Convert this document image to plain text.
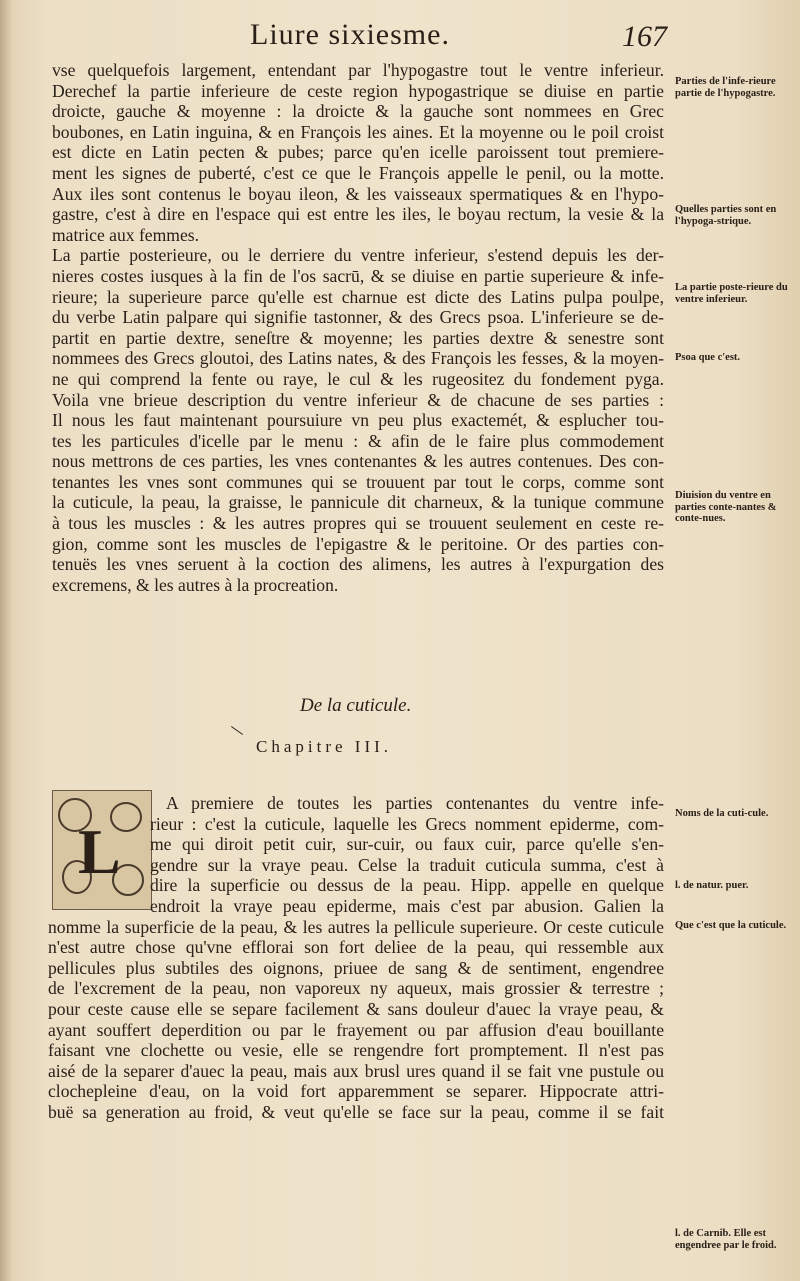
Liure sixiesme.	167
vse quelquefois largement, entendant par l'hypogastre tout le ventre inferieur.
Derechef la partie inferieure de ceste region hypogastrique se diuise en partie
droicte, gauche & moyenne : la droicte & la gauche sont nommees en Grec
boubones, en Latin inguina, & en François les aines. Et la moyenne ou le poil croist
est dicte en Latin pecten & pubes; parce qu'en icelle paroissent tout premiere-
ment les signes de puberté, c'est ce que le François appelle le penil, ou la motte.
Aux iles sont contenus le boyau ileon, & les vaisseaux spermatiques & en l'hypo-
gastre, c'est à dire en l'espace qui est entre les iles, le boyau rectum, la vesie & la
matrice aux femmes.
La partie posterieure, ou le derriere du ventre inferieur, s'estend depuis les der-
nieres costes iusques à la fin de l'os sacrū, & se diuise en partie superieure & infe-
rieure; la superieure parce qu'elle est charnue est dicte des Latins pulpa poulpe,
du verbe Latin palpare qui signifie tastonner, & des Grecs psoa. L'inferieure se de-
partit en partie dextre, seneſtre & moyenne; les parties dextre & senestre sont
nommees des Grecs gloutoi, des Latins nates, & des François les fesses, & la moyen-
ne qui comprend la fente ou raye, le cul & les rugeositez du fondement pyga.
Voila vne brieue description du ventre inferieur & de chacune de ses parties :
Il nous les faut maintenant poursuiure vn peu plus exactemét, & esplucher tou-
tes les particules d'icelle par le menu : & afin de le faire plus commodement
nous mettrons de ces parties, les vnes contenantes & les autres contenues. Des con-
tenantes les vnes sont communes qui se trouuent par tout le corps, comme sont
la cuticule, la peau, la graisse, le pannicule dit charneux, & la tunique commune
à tous les muscles : & les autres propres qui se trouuent seulement en ceste re-
gion, comme sont les muscles de l'epigastre & le peritoine. Or des parties con-
tenuës les vnes seruent à la coction des alimens, les autres à l'expurgation des
excremens, & les autres à la procreation.
De la cuticule.
Chapitre III.
L
A premiere de toutes les parties contenantes du ventre infe-
rieur : c'est la cuticule, laquelle les Grecs nomment epiderme, com-
me qui diroit petit cuir, sur-cuir, ou faux cuir, parce qu'elle s'en-
gendre sur la vraye peau. Celse la traduit cuticula summa, c'est à
dire la superficie ou dessus de la peau. Hipp. appelle en quelque
endroit la vraye peau epiderme, mais c'est par abusion. Galien la
nomme la superficie de la peau, & les autres la pellicule superieure. Or ceste cuticule
n'est autre chose qu'vne efflorai son fort deliee de la peau, qui ressemble aux
pellicules plus subtiles des oignons, priuee de sang & de sentiment, engendree
de l'excrement de la peau, non vaporeux ny aqueux, mais grossier & terrestre ;
pour ceste cause elle se separe facilement & sans douleur d'auec la vraye peau, &
ayant souffert deperdition ou par le frayement ou par affusion d'eau bouillante
faisant vne clochette ou vesie, elle se rengendre fort promptement. Il n'est pas
aisé de la separer d'auec la peau, mais aux brusl ures quand il se fait vne pustule ou
clochepleine d'eau, on la void fort apparemment se separer. Hippocrate attri-
buë sa generation au froid, & veut qu'elle se face sur la peau, comme il se fait
Parties de l'infe-rieure partie de l'hypogastre.
Quelles parties sont en l'hypoga-strique.
La partie poste-rieure du ventre inferieur.
Psoa que c'est.
Diuision du ventre en parties conte-nantes & conte-nues.
Noms de la cuti-cule.
l. de natur. puer.
Que c'est que la cuticule.
l. de Carnib. Elle est engendree par le froid.
